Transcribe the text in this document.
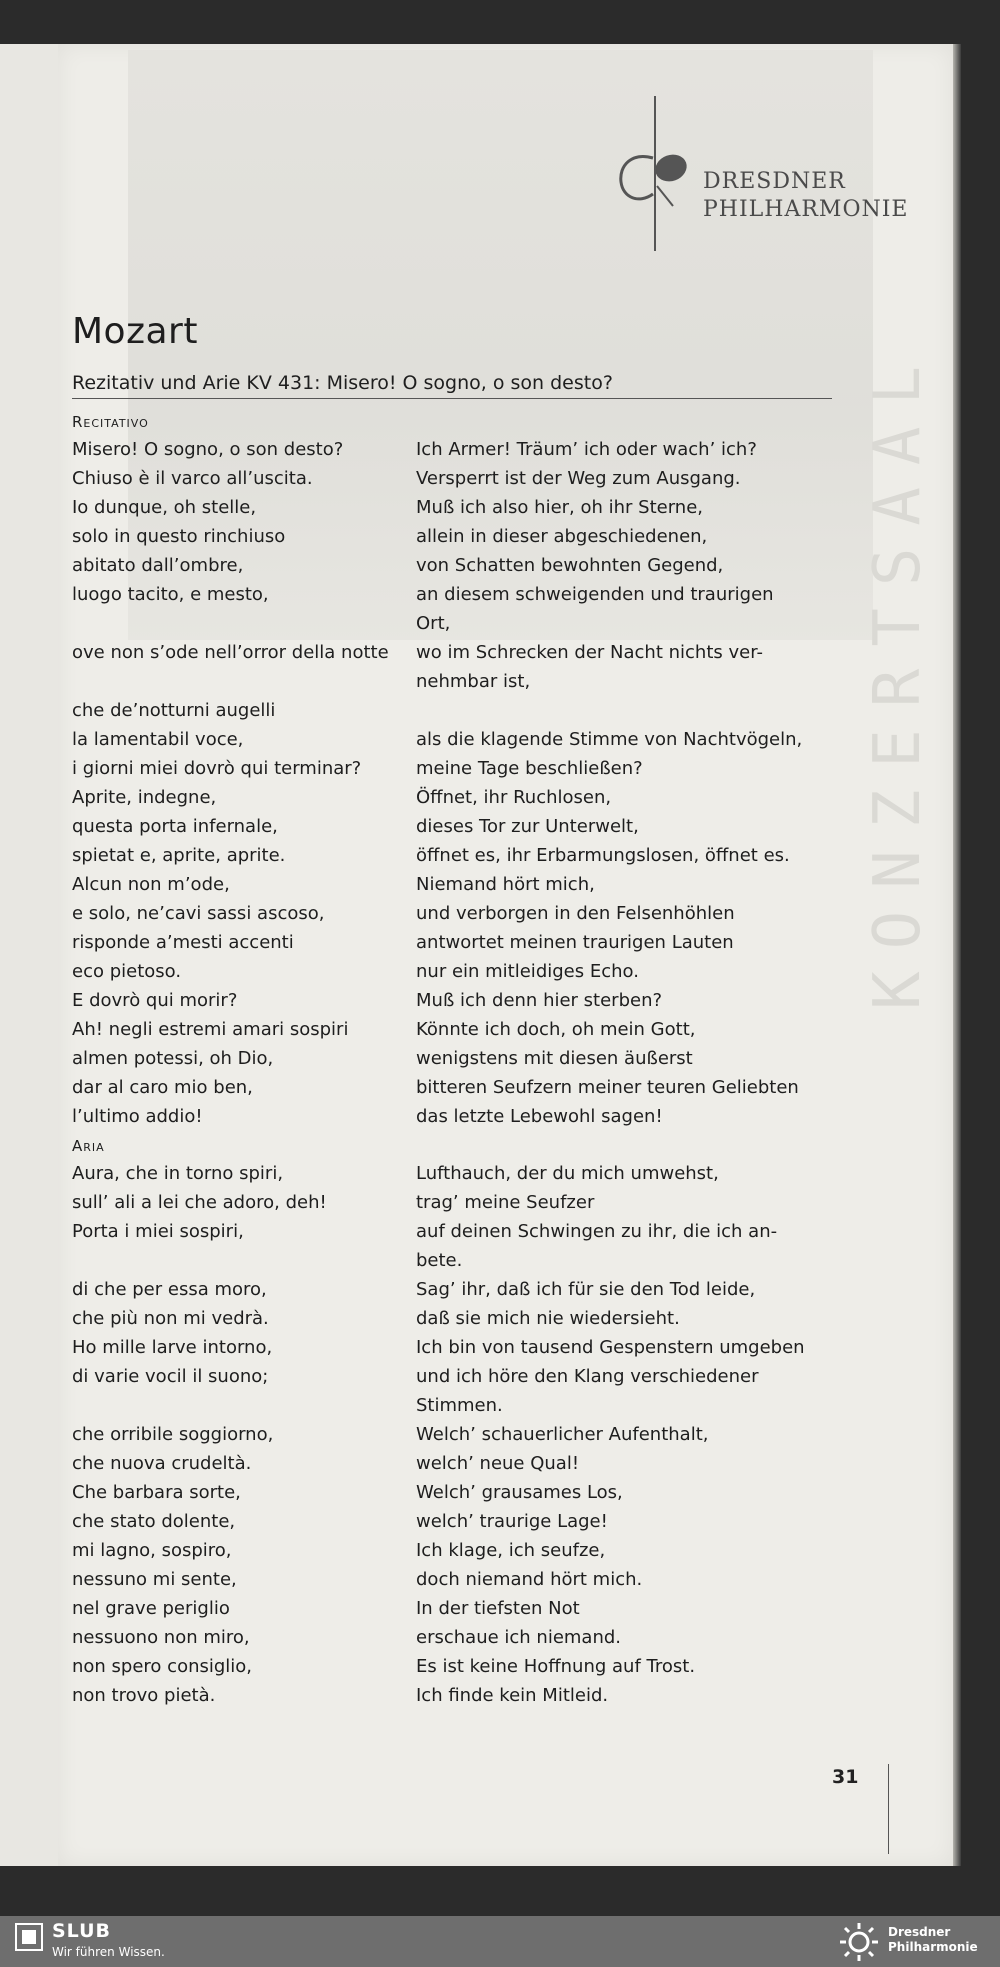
KONZERTSAAL
DRESDNER
PHILHARMONIE
Mozart
Rezitativ und Arie KV 431: Misero! O sogno, o son desto?
Recitativo
Misero! O sogno, o son desto?
Chiuso è il varco all’uscita.
Io dunque, oh stelle,
solo in questo rinchiuso
abitato dall’ombre,
luogo tacito, e mesto,
Ich Armer! Träum’ ich oder wach’ ich?
Versperrt ist der Weg zum Ausgang.
Muß ich also hier, oh ihr Sterne,
allein in dieser abgeschiedenen,
von Schatten bewohnten Gegend,
an diesem schweigenden und traurigen
Ort,
ove non s’ode nell’orror della notte	wo im Schrecken der Nacht nichts ver-
nehmbar ist,
che de’notturni augelli
la lamentabil voce,
i giorni miei dovrò qui terminar?
Aprite, indegne,
questa porta infernale,
spietat e, aprite, aprite.
Alcun non m’ode,
e solo, ne’cavi sassi ascoso,
risponde a’mesti accenti
eco pietoso.
E dovrò qui morir?
Ah! negli estremi amari sospiri
almen potessi, oh Dio,
dar al caro mio ben,
l’ultimo addio!
als die klagende Stimme von Nachtvögeln,
meine Tage beschließen?
Öffnet, ihr Ruchlosen,
dieses Tor zur Unterwelt,
öffnet es, ihr Erbarmungslosen, öffnet es.
Niemand hört mich,
und verborgen in den Felsenhöhlen
antwortet meinen traurigen Lauten
nur ein mitleidiges Echo.
Muß ich denn hier sterben?
Könnte ich doch, oh mein Gott,
wenigstens mit diesen äußerst
bitteren Seufzern meiner teuren Geliebten
das letzte Lebewohl sagen!
Aria
Aura, che in torno spiri,
sull’ ali a lei che adoro, deh!
Porta i miei sospiri,
Lufthauch, der du mich umwehst,
trag’ meine Seufzer
auf deinen Schwingen zu ihr, die ich an-
bete.
di che per essa moro,
che più non mi vedrà.
Ho mille larve intorno,
di varie vocil il suono;
Sag’ ihr, daß ich für sie den Tod leide,
daß sie mich nie wiedersieht.
Ich bin von tausend Gespenstern umgeben
und ich höre den Klang verschiedener
Stimmen.
che orribile soggiorno,
che nuova crudeltà.
Che barbara sorte,
che stato dolente,
mi lagno, sospiro,
nessuno mi sente,
nel grave periglio
nessuono non miro,
non spero consiglio,
non trovo pietà.
Welch’ schauerlicher Aufenthalt,
welch’ neue Qual!
Welch’ grausames Los,
welch’ traurige Lage!
Ich klage, ich seufze,
doch niemand hört mich.
In der tiefsten Not
erschaue ich niemand.
Es ist keine Hoffnung auf Trost.
Ich finde kein Mitleid.
31
SLUB
Wir führen Wissen.
Dresdner
Philharmonie
